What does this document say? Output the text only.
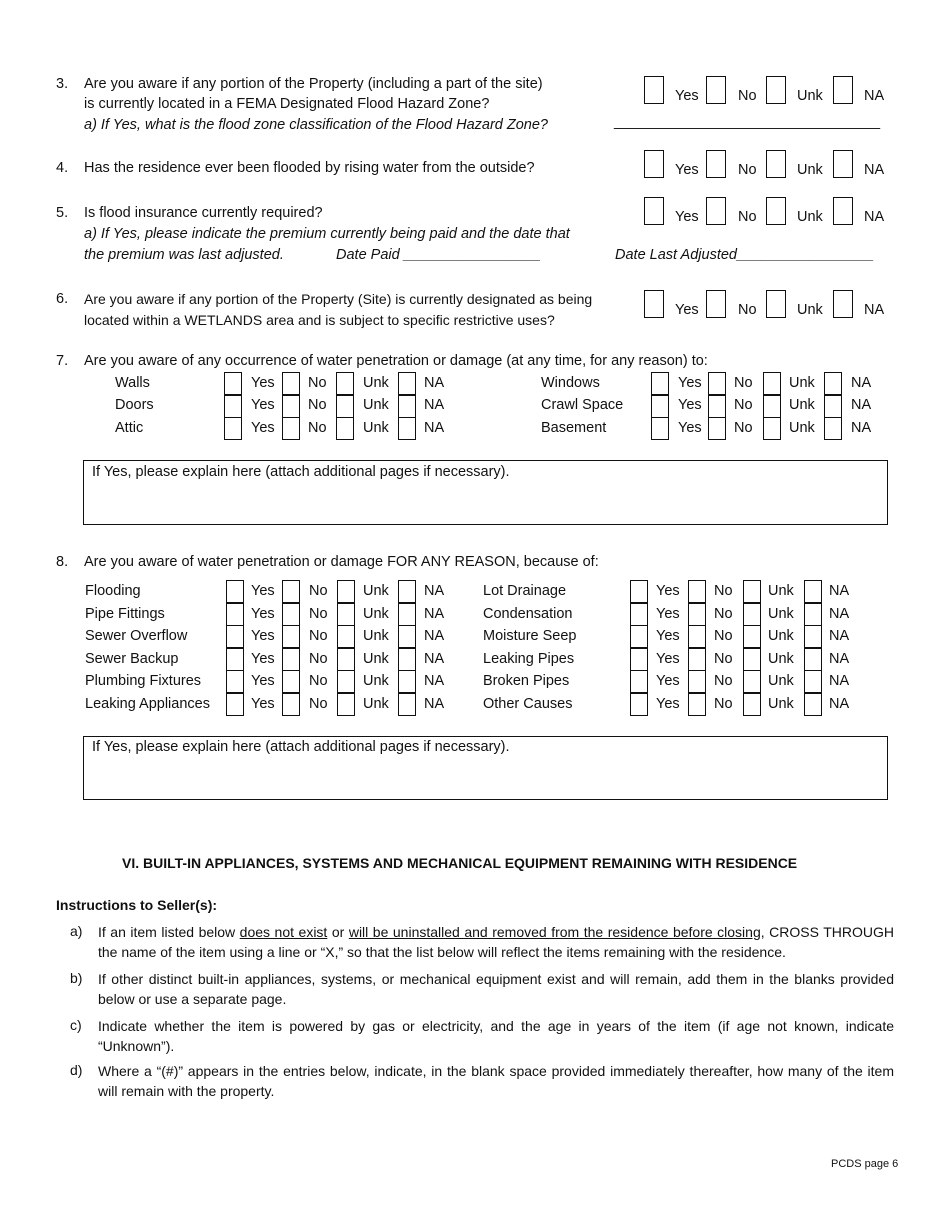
3. Are you aware if any portion of the Property (including a part of the site)
is currently located in a FEMA Designated Flood Hazard Zone?
a) If Yes, what is the flood zone classification of the Flood Hazard Zone?	_________________________________
Yes	No	Unk	NA
4. Has the residence ever been flooded by rising water from the outside?	Yes	No	Unk	NA
5. Is flood insurance currently required?
a) If Yes, please indicate the premium currently being paid and the date that
the premium was last adjusted.	Date Paid _________________	Date Last Adjusted_________________
Yes	No	Unk	NA
6. Are you aware if any portion of the Property (Site) is currently designated as being
located within a WETLANDS area and is subject to specific restrictive uses?
Yes	No	Unk	NA
7. Are you aware of any occurrence of water penetration or damage (at any time, for any reason) to:
Walls	Yes No	Unk NA
Doors	Yes No	Unk NA
Attic	Yes No	Unk NA
Windows	Yes No	Unk NA
Crawl Space	Yes No	Unk NA
Basement	Yes No	Unk NA
If Yes, please explain here (attach additional pages if necessary).
8. Are you aware of water penetration or damage FOR ANY REASON, because of:
Flooding	Yes No Unk NA
Pipe Fittings	Yes No Unk NA
Sewer Overflow	Yes No Unk NA
Sewer Backup	Yes No Unk NA
Plumbing Fixtures	Yes No Unk NA
Leaking Appliances	Yes No Unk NA
Lot Drainage	Yes No Unk NA
Condensation	Yes No Unk NA
Moisture Seep	Yes No Unk NA
Leaking Pipes	Yes No Unk NA
Broken Pipes	Yes No Unk NA
Other Causes	Yes No Unk NA
If Yes, please explain here (attach additional pages if necessary).
VI. BUILT-IN APPLIANCES, SYSTEMS AND MECHANICAL EQUIPMENT REMAINING WITH RESIDENCE
Instructions to Seller(s):
a) If an item listed below does not exist or will be uninstalled and removed from the residence before closing, CROSS THROUGH the name of the item using a line or “X,” so that the list below will reflect the items remaining with the residence.
b) If other distinct built-in appliances, systems, or mechanical equipment exist and will remain, add them in the blanks provided below or use a separate page.
c) Indicate whether the item is powered by gas or electricity, and the age in years of the item (if age not known, indicate “Unknown”).
d) Where a “(#)” appears in the entries below, indicate, in the blank space provided immediately thereafter, how many of the item will remain with the property.
PCDS page 6
